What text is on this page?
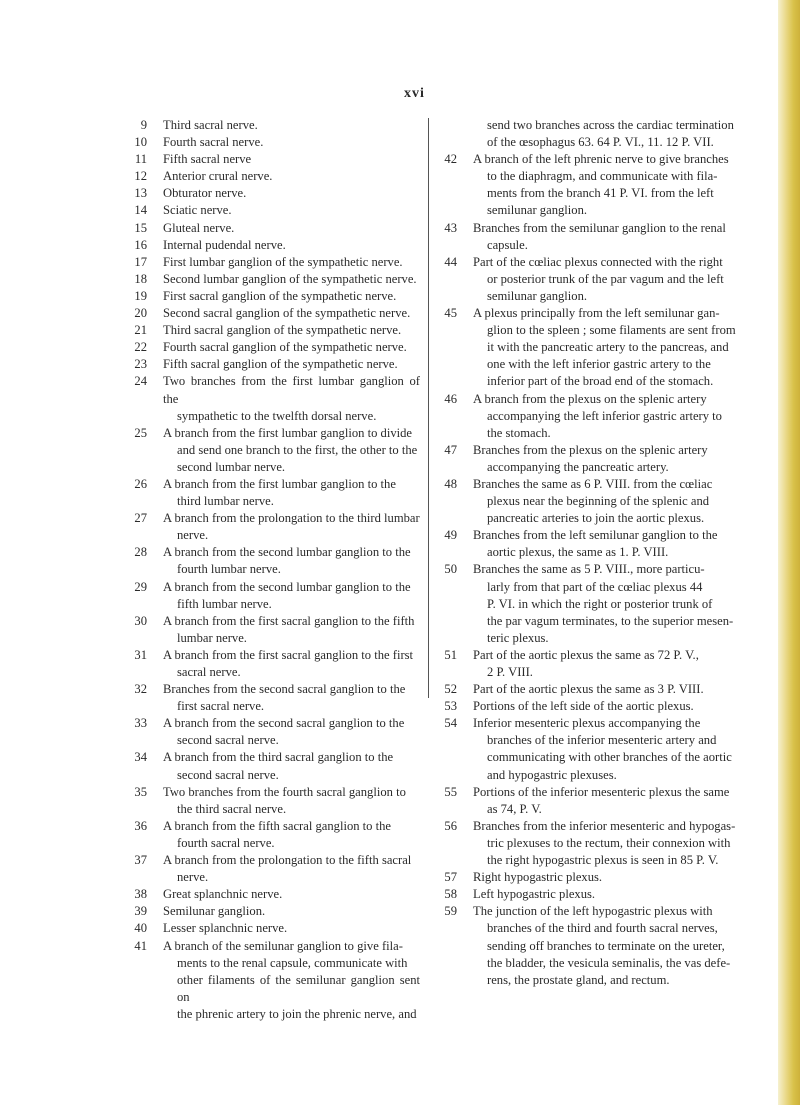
xvi
9 Third sacral nerve.
10 Fourth sacral nerve.
11 Fifth sacral nerve
12 Anterior crural nerve.
13 Obturator nerve.
14 Sciatic nerve.
15 Gluteal nerve.
16 Internal pudendal nerve.
17 First lumbar ganglion of the sympathetic nerve.
18 Second lumbar ganglion of the sympathetic nerve.
19 First sacral ganglion of the sympathetic nerve.
20 Second sacral ganglion of the sympathetic nerve.
21 Third sacral ganglion of the sympathetic nerve.
22 Fourth sacral ganglion of the sympathetic nerve.
23 Fifth sacral ganglion of the sympathetic nerve.
24 Two branches from the first lumbar ganglion of the
sympathetic to the twelfth dorsal nerve.
25 A branch from the first lumbar ganglion to divide
and send one branch to the first, the other to the
second lumbar nerve.
26 A branch from the first lumbar ganglion to the
third lumbar nerve.
27 A branch from the prolongation to the third lumbar
nerve.
28 A branch from the second lumbar ganglion to the
fourth lumbar nerve.
29 A branch from the second lumbar ganglion to the
fifth lumbar nerve.
30 A branch from the first sacral ganglion to the fifth
lumbar nerve.
31 A branch from the first sacral ganglion to the first
sacral nerve.
32 Branches from the second sacral ganglion to the
first sacral nerve.
33 A branch from the second sacral ganglion to the
second sacral nerve.
34 A branch from the third sacral ganglion to the
second sacral nerve.
35 Two branches from the fourth sacral ganglion to
the third sacral nerve.
36 A branch from the fifth sacral ganglion to the
fourth sacral nerve.
37 A branch from the prolongation to the fifth sacral
nerve.
38 Great splanchnic nerve.
39 Semilunar ganglion.
40 Lesser splanchnic nerve.
41 A branch of the semilunar ganglion to give fila-
ments to the renal capsule, communicate with
other filaments of the semilunar ganglion sent on
the phrenic artery to join the phrenic nerve, and
send two branches across the cardiac termination
of the œsophagus 63. 64 P. VI., 11. 12 P. VII.
42 A branch of the left phrenic nerve to give branches
to the diaphragm, and communicate with fila-
ments from the branch 41 P. VI. from the left
semilunar ganglion.
43 Branches from the semilunar ganglion to the renal
capsule.
44 Part of the cœliac plexus connected with the right
or posterior trunk of the par vagum and the left
semilunar ganglion.
45 A plexus principally from the left semilunar gan-
glion to the spleen ; some filaments are sent from
it with the pancreatic artery to the pancreas, and
one with the left inferior gastric artery to the
inferior part of the broad end of the stomach.
46 A branch from the plexus on the splenic artery
accompanying the left inferior gastric artery to
the stomach.
47 Branches from the plexus on the splenic artery
accompanying the pancreatic artery.
48 Branches the same as 6 P. VIII. from the cœliac
plexus near the beginning of the splenic and
pancreatic arteries to join the aortic plexus.
49 Branches from the left semilunar ganglion to the
aortic plexus, the same as 1. P. VIII.
50 Branches the same as 5 P. VIII., more particu-
larly from that part of the cœliac plexus 44
P. VI. in which the right or posterior trunk of
the par vagum terminates, to the superior mesen-
teric plexus.
51 Part of the aortic plexus the same as 72 P. V.,
2 P. VIII.
52 Part of the aortic plexus the same as 3 P. VIII.
53 Portions of the left side of the aortic plexus.
54 Inferior mesenteric plexus accompanying the
branches of the inferior mesenteric artery and
communicating with other branches of the aortic
and hypogastric plexuses.
55 Portions of the inferior mesenteric plexus the same
as 74, P. V.
56 Branches from the inferior mesenteric and hypogas-
tric plexuses to the rectum, their connexion with
the right hypogastric plexus is seen in 85 P. V.
57 Right hypogastric plexus.
58 Left hypogastric plexus.
59 The junction of the left hypogastric plexus with
branches of the third and fourth sacral nerves,
sending off branches to terminate on the ureter,
the bladder, the vesicula seminalis, the vas defe-
rens, the prostate gland, and rectum.
